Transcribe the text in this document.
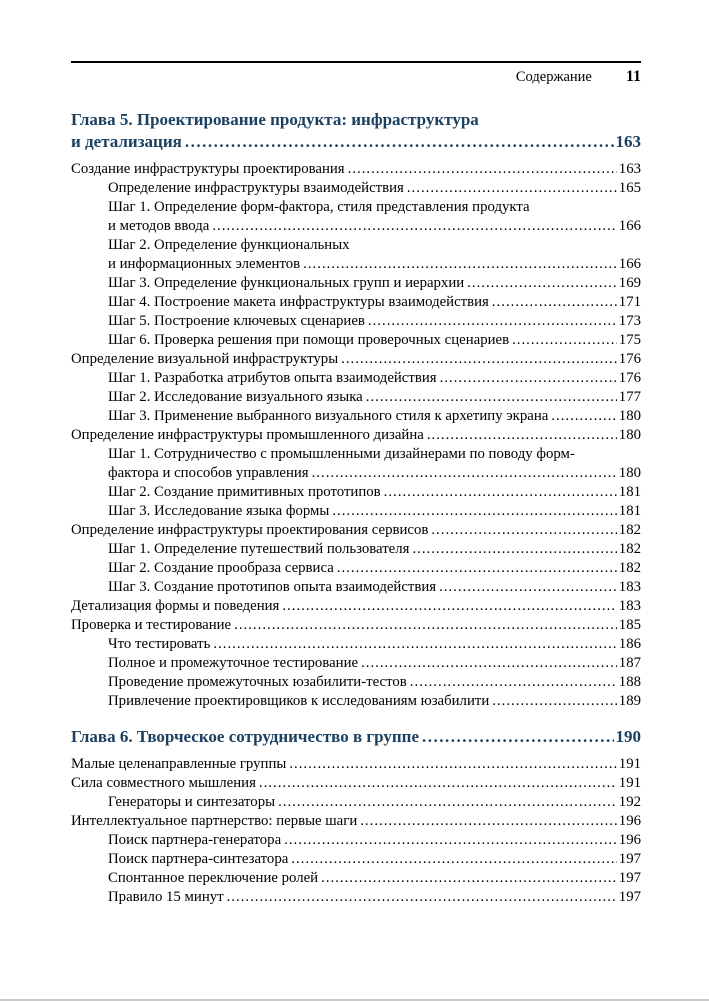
Содержание 11
Глава 5. Проектирование продукта: инфраструктура
и детализация .....	163
Создание инфраструктуры проектирования .....	163
Определение инфраструктуры взаимодействия .....	165
Шаг 1. Определение форм-фактора, стиля представления продукта
и методов ввода .....	166
Шаг 2. Определение функциональных
и информационных элементов .....	166
Шаг 3. Определение функциональных групп и иерархии .....	169
Шаг 4. Построение макета инфраструктуры взаимодействия .....	171
Шаг 5. Построение ключевых сценариев .....	173
Шаг 6. Проверка решения при помощи проверочных сценариев .....	175
Определение визуальной инфраструктуры .....	176
Шаг 1. Разработка атрибутов опыта взаимодействия .....	176
Шаг 2. Исследование визуального языка .....	177
Шаг 3. Применение выбранного визуального стиля к архетипу экрана .....	180
Определение инфраструктуры промышленного дизайна .....	180
Шаг 1. Сотрудничество с промышленными дизайнерами по поводу форм-
фактора и способов управления .....	180
Шаг 2. Создание примитивных прототипов .....	181
Шаг 3. Исследование языка формы .....	181
Определение инфраструктуры проектирования сервисов .....	182
Шаг 1. Определение путешествий пользователя .....	182
Шаг 2. Создание прообраза сервиса .....	182
Шаг 3. Создание прототипов опыта взаимодействия .....	183
Детализация формы и поведения .....	183
Проверка и тестирование .....	185
Что тестировать .....	186
Полное и промежуточное тестирование .....	187
Проведение промежуточных юзабилити-тестов .....	188
Привлечение проектировщиков к исследованиям юзабилити .....	189
Глава 6. Творческое сотрудничество в группе .....	190
Малые целенаправленные группы .....	191
Сила совместного мышления .....	191
Генераторы и синтезаторы .....	192
Интеллектуальное партнерство: первые шаги .....	196
Поиск партнера-генератора .....	196
Поиск партнера-синтезатора .....	197
Спонтанное переключение ролей .....	197
Правило 15 минут .....	197
